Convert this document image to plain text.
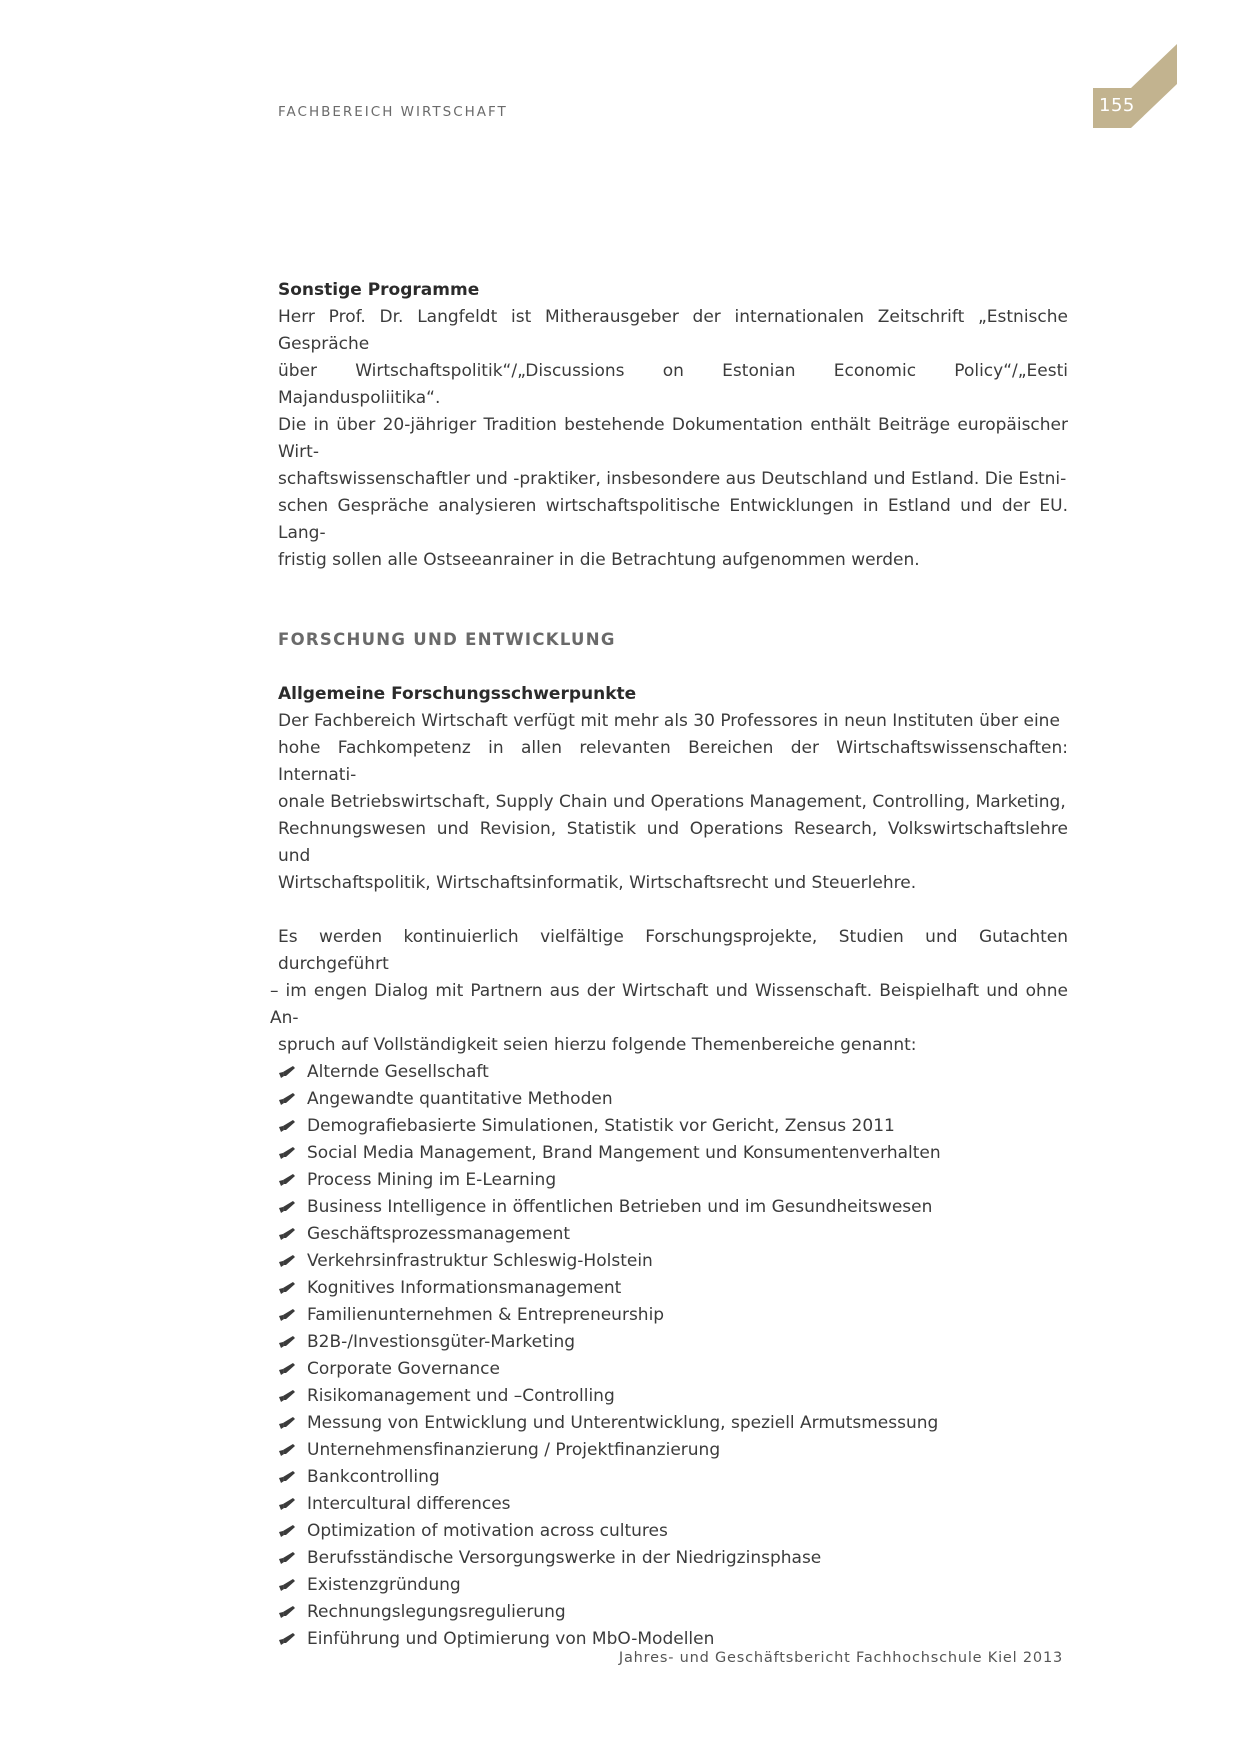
FACHBEREICH WIRTSCHAFT	155

Sonstige Programme

Herr Prof. Dr. Langfeldt ist Mitherausgeber der internationalen Zeitschrift „Estnische Gespräche
über Wirtschaftspolitik“/„Discussions on Estonian Economic Policy“/„Eesti Majanduspoliitika“.
Die in über 20-jähriger Tradition bestehende Dokumentation enthält Beiträge europäischer Wirt-
schaftswissenschaftler und -praktiker, insbesondere aus Deutschland und Estland. Die Estni-
schen Gespräche analysieren wirtschaftspolitische Entwicklungen in Estland und der EU. Lang-
fristig sollen alle Ostseeanrainer in die Betrachtung aufgenommen werden.
FORSCHUNG UND ENTWICKLUNG

Allgemeine Forschungsschwerpunkte

Der Fachbereich Wirtschaft verfügt mit mehr als 30 Professores in neun Instituten über eine
hohe Fachkompetenz in allen relevanten Bereichen der Wirtschaftswissenschaften: Internati-
onale Betriebswirtschaft, Supply Chain und Operations Management, Controlling, Marketing,
Rechnungswesen und Revision, Statistik und Operations Research, Volkswirtschaftslehre und
Wirtschaftspolitik, Wirtschaftsinformatik, Wirtschaftsrecht und Steuerlehre.
Es werden kontinuierlich vielfältige Forschungsprojekte, Studien und Gutachten durchgeführt
– im engen Dialog mit Partnern aus der Wirtschaft und Wissenschaft. Beispielhaft und ohne An-
spruch auf Vollständigkeit seien hierzu folgende Themenbereiche genannt:
Alternde Gesellschaft
Angewandte quantitative Methoden
Demografiebasierte Simulationen, Statistik vor Gericht, Zensus 2011
Social Media Management, Brand Mangement und Konsumentenverhalten
Process Mining im E-Learning
Business Intelligence in öffentlichen Betrieben und im Gesundheitswesen
Geschäftsprozessmanagement
Verkehrsinfrastruktur Schleswig-Holstein
Kognitives Informationsmanagement
Familienunternehmen & Entrepreneurship
B2B-/Investionsgüter-Marketing
Corporate Governance
Risikomanagement und –Controlling
Messung von Entwicklung und Unterentwicklung, speziell Armutsmessung
Unternehmensfinanzierung / Projektfinanzierung
Bankcontrolling
Intercultural differences
Optimization of motivation across cultures
Berufsständische Versorgungswerke in der Niedrigzinsphase
Existenzgründung
Rechnungslegungsregulierung
Einführung und Optimierung von MbO-Modellen
Jahres- und Geschäftsbericht Fachhochschule Kiel 2013
